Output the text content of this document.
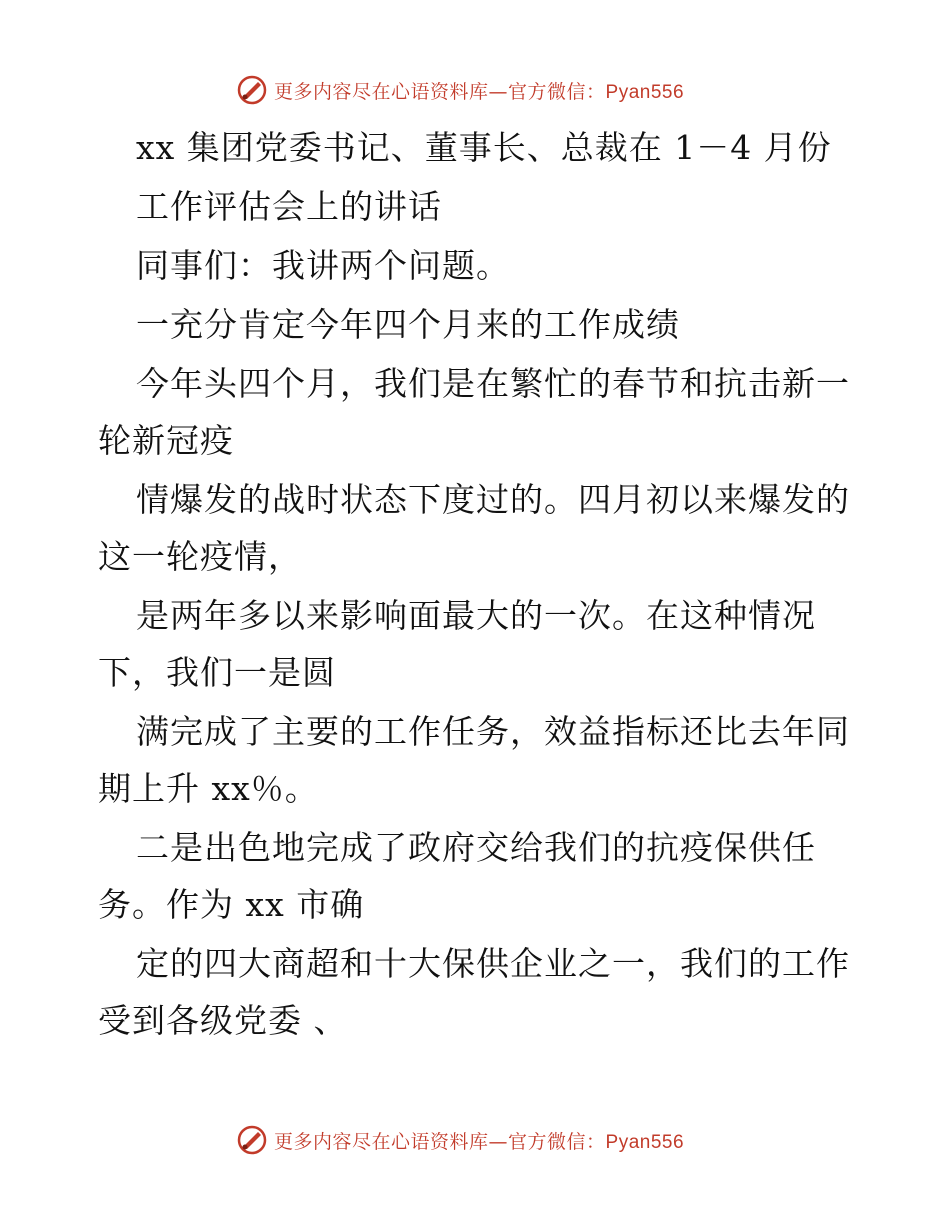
更多内容尽在心语资料库—官方微信：Pyan556
xx 集团党委书记、董事长、总裁在 1－4 月份
工作评估会上的讲话
同事们：我讲两个问题。
一充分肯定今年四个月来的工作成绩
今年头四个月，我们是在繁忙的春节和抗击新一
轮新冠疫
情爆发的战时状态下度过的。四月初以来爆发的
这一轮疫情，
是两年多以来影响面最大的一次。在这种情况
下，我们一是圆
满完成了主要的工作任务，效益指标还比去年同
期上升 xx％。
二是出色地完成了政府交给我们的抗疫保供任
务。作为 xx 市确
定的四大商超和十大保供企业之一，我们的工作
受到各级党委 、
更多内容尽在心语资料库—官方微信：Pyan556
